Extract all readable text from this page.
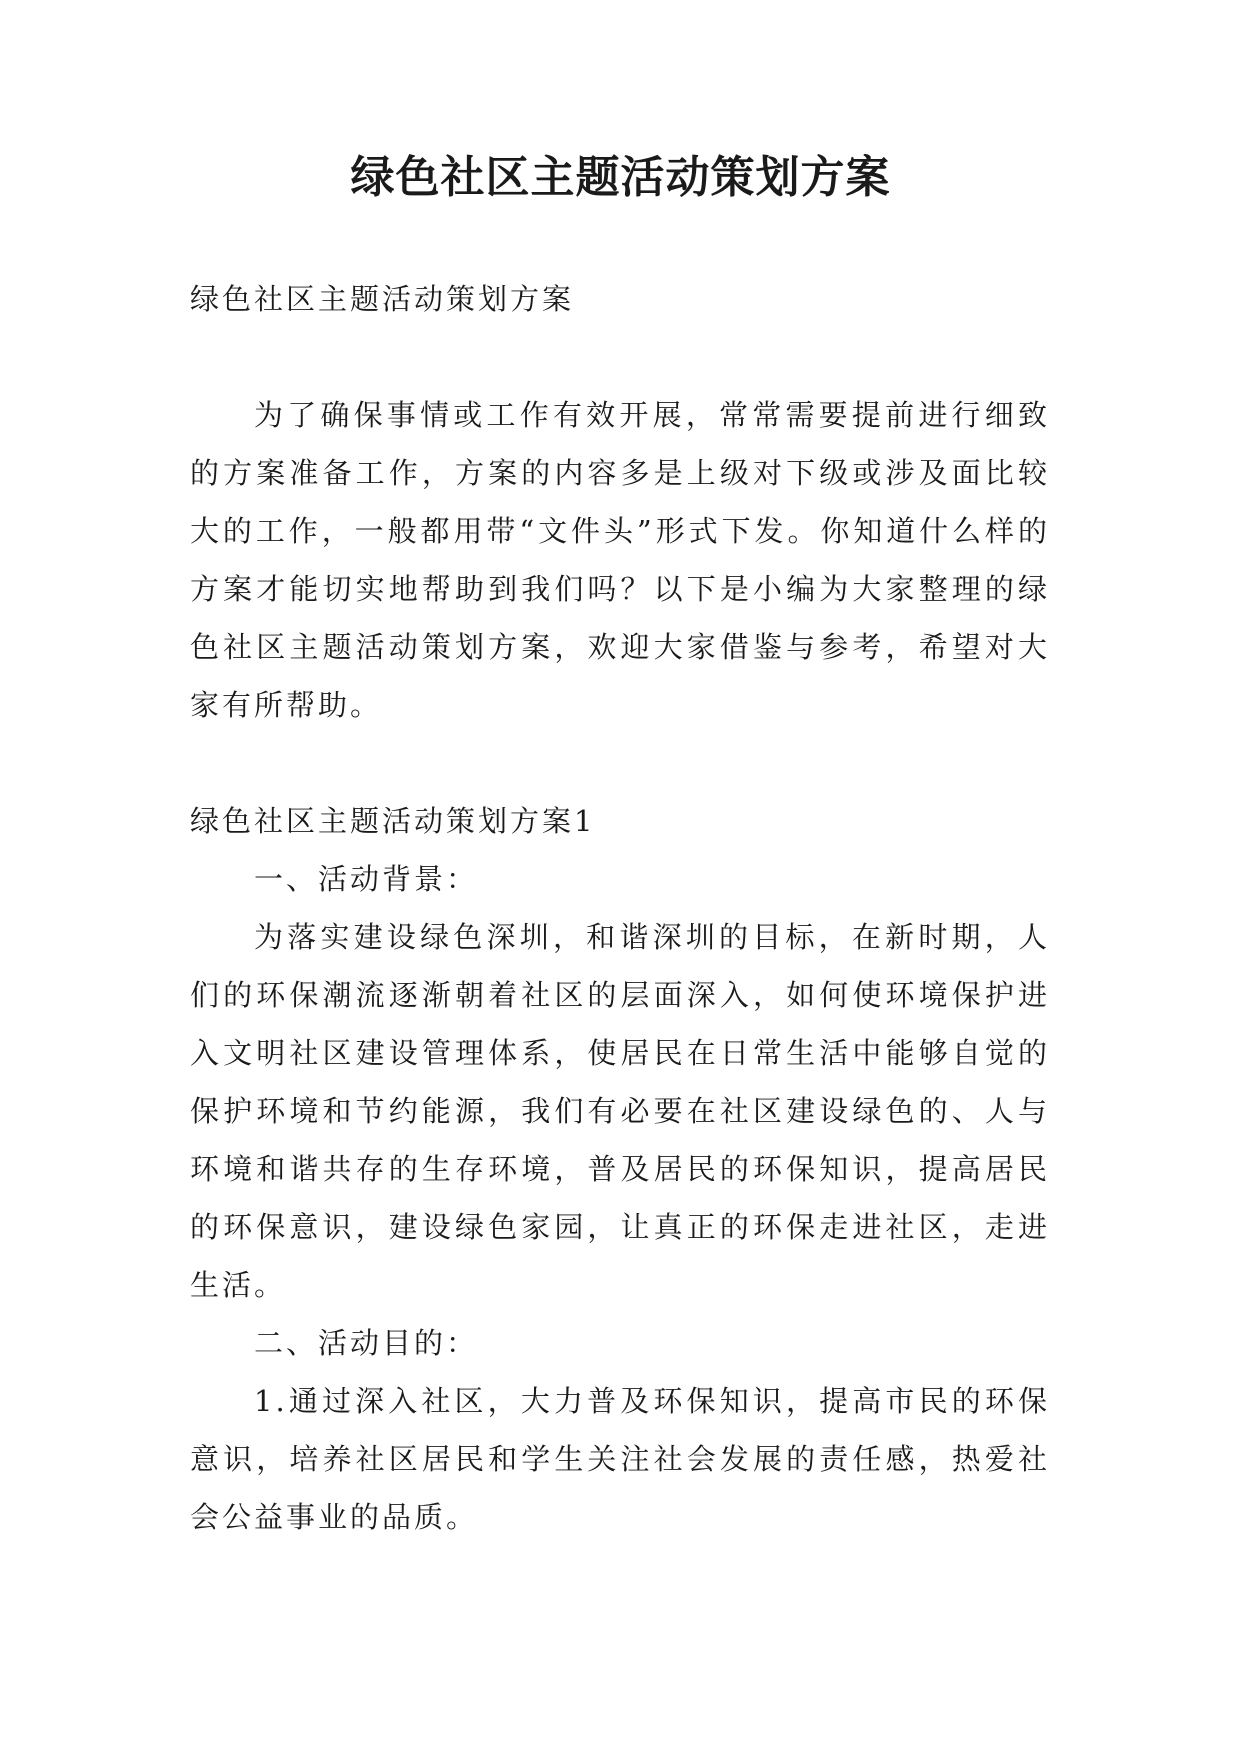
绿色社区主题活动策划方案

绿色社区主题活动策划方案

为了确保事情或工作有效开展，常常需要提前进行细致的方案准备工作，方案的内容多是上级对下级或涉及面比较大的工作，一般都用带“文件头”形式下发。你知道什么样的方案才能切实地帮助到我们吗？以下是小编为大家整理的绿色社区主题活动策划方案，欢迎大家借鉴与参考，希望对大家有所帮助。

绿色社区主题活动策划方案1

一、活动背景：

为落实建设绿色深圳，和谐深圳的目标，在新时期，人们的环保潮流逐渐朝着社区的层面深入，如何使环境保护进入文明社区建设管理体系，使居民在日常生活中能够自觉的保护环境和节约能源，我们有必要在社区建设绿色的、人与环境和谐共存的生存环境，普及居民的环保知识，提高居民的环保意识，建设绿色家园，让真正的环保走进社区，走进生活。

二、活动目的：

1.通过深入社区，大力普及环保知识，提高市民的环保意识，培养社区居民和学生关注社会发展的责任感，热爱社会公益事业的品质。
